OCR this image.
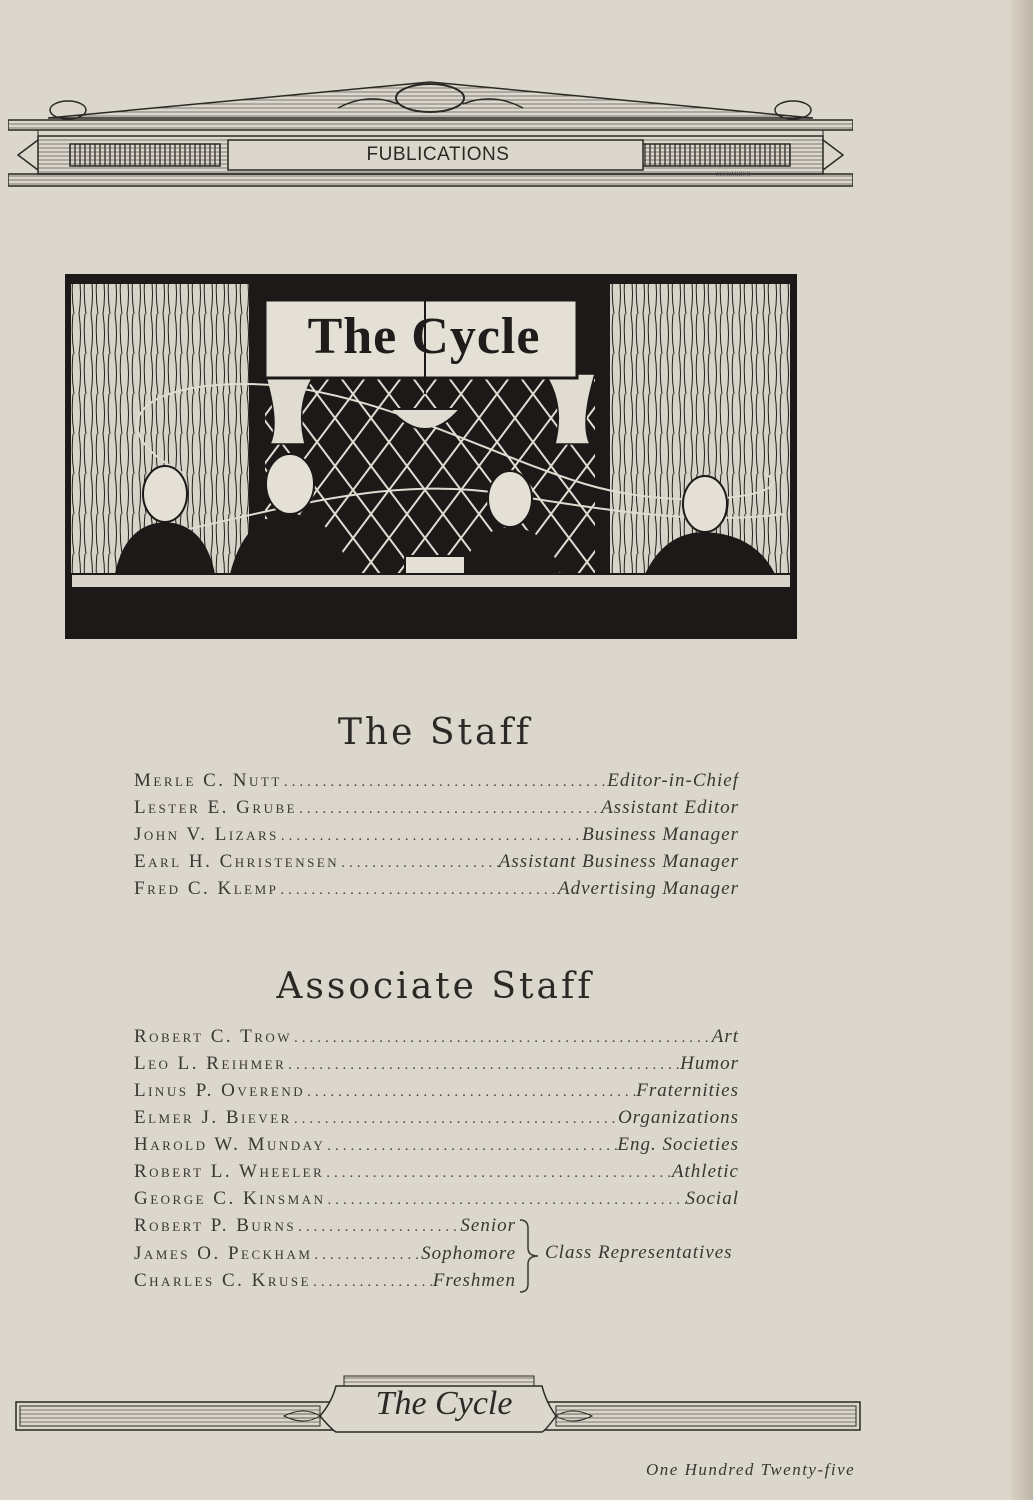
FUBLICATIONS
ALEXANDER
The Cycle
The Staff
Merle C. Nutt .....	Editor-in-Chief
Lester E. Grube .....	Assistant Editor
John V. Lizars .....	Business Manager
Earl H. Christensen .....	Assistant Business Manager
Fred C. Klemp .....	Advertising Manager
Associate Staff
Robert C. Trow .....	Art
Leo L. Reihmer .....	Humor
Linus P. Overend .....	Fraternities
Elmer J. Biever .....	Organizations
Harold W. Munday .....	Eng. Societies
Robert L. Wheeler .....	Athletic
George C. Kinsman .....	Social
Robert P. Burns .....	Senior
James O. Peckham .....	Sophomore
Charles C. Kruse .....	Freshmen
Class Representatives
The Cycle
One Hundred Twenty-five
